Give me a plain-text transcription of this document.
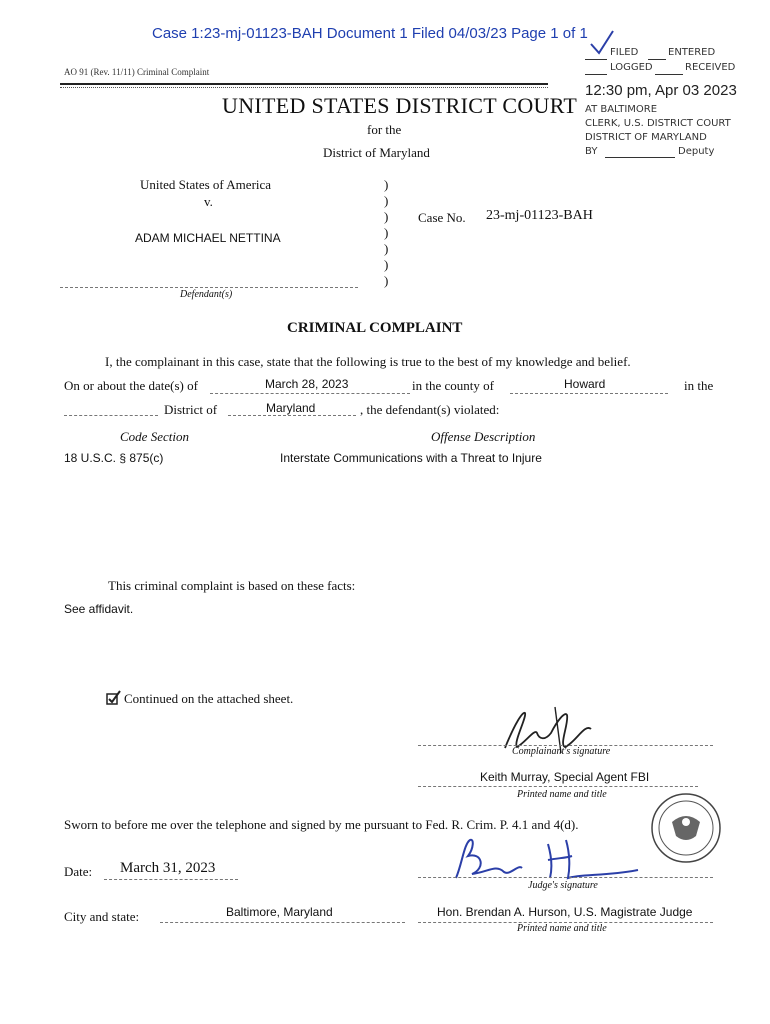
Case 1:23-mj-01123-BAH Document 1 Filed 04/03/23 Page 1 of 1
FILED	ENTERED
LOGGED	RECEIVED
12:30 pm, Apr 03 2023
AT BALTIMORE
CLERK, U.S. DISTRICT COURT
DISTRICT OF MARYLAND
BY	Deputy
AO 91 (Rev. 11/11) Criminal Complaint
UNITED STATES DISTRICT COURT
for the
District of Maryland
United States of America
v.
ADAM MICHAEL NETTINA
Defendant(s)
)
)
)
)
)
)
)
Case No. 23-mj-01123-BAH
CRIMINAL COMPLAINT
I, the complainant in this case, state that the following is true to the best of my knowledge and belief.
On or about the date(s) of	March 28, 2023	in the county of	Howard	in the
District of	Maryland	, the defendant(s) violated:
Code Section	Offense Description
18 U.S.C. § 875(c)	Interstate Communications with a Threat to Injure
This criminal complaint is based on these facts:
See affidavit.
Continued on the attached sheet.
Complainant's signature
Keith Murray, Special Agent FBI
Printed name and title
Sworn to before me over the telephone and signed by me pursuant to Fed. R. Crim. P. 4.1 and 4(d).
Date: March 31, 2023
Judge's signature
City and state:	Baltimore, Maryland	Hon. Brendan A. Hurson, U.S. Magistrate Judge
Printed name and title
